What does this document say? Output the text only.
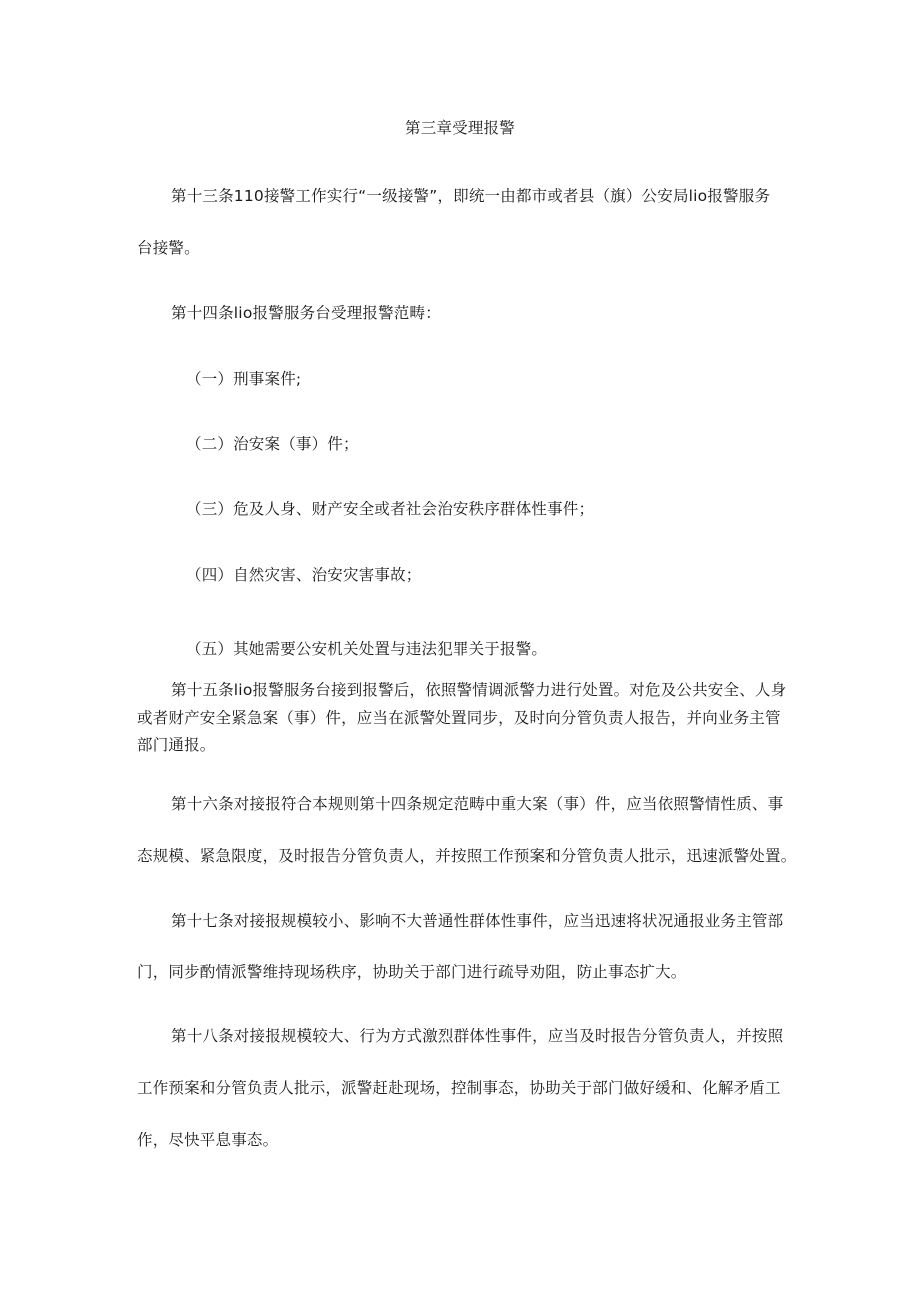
第三章受理报警
第十三条110接警工作实行“一级接警”，即统一由都市或者县（旗）公安局lio报警服务
台接警。
第十四条lio报警服务台受理报警范畴：
（一）刑事案件;
（二）治安案（事）件；
（三）危及人身、财产安全或者社会治安秩序群体性事件；
（四）自然灾害、治安灾害事故；
（五）其她需要公安机关处置与违法犯罪关于报警。
第十五条lio报警服务台接到报警后，依照警情调派警力进行处置。对危及公共安全、人身
或者财产安全紧急案（事）件，应当在派警处置同步，及时向分管负责人报告，并向业务主管
部门通报。
第十六条对接报符合本规则第十四条规定范畴中重大案（事）件，应当依照警情性质、事
态规模、紧急限度，及时报告分管负责人，并按照工作预案和分管负责人批示，迅速派警处置。
第十七条对接报规模较小、影响不大普通性群体性事件，应当迅速将状况通报业务主管部
门，同步酌情派警维持现场秩序，协助关于部门进行疏导劝阻，防止事态扩大。
第十八条对接报规模较大、行为方式激烈群体性事件，应当及时报告分管负责人，并按照
工作预案和分管负责人批示，派警赶赴现场，控制事态，协助关于部门做好缓和、化解矛盾工
作，尽快平息事态。
